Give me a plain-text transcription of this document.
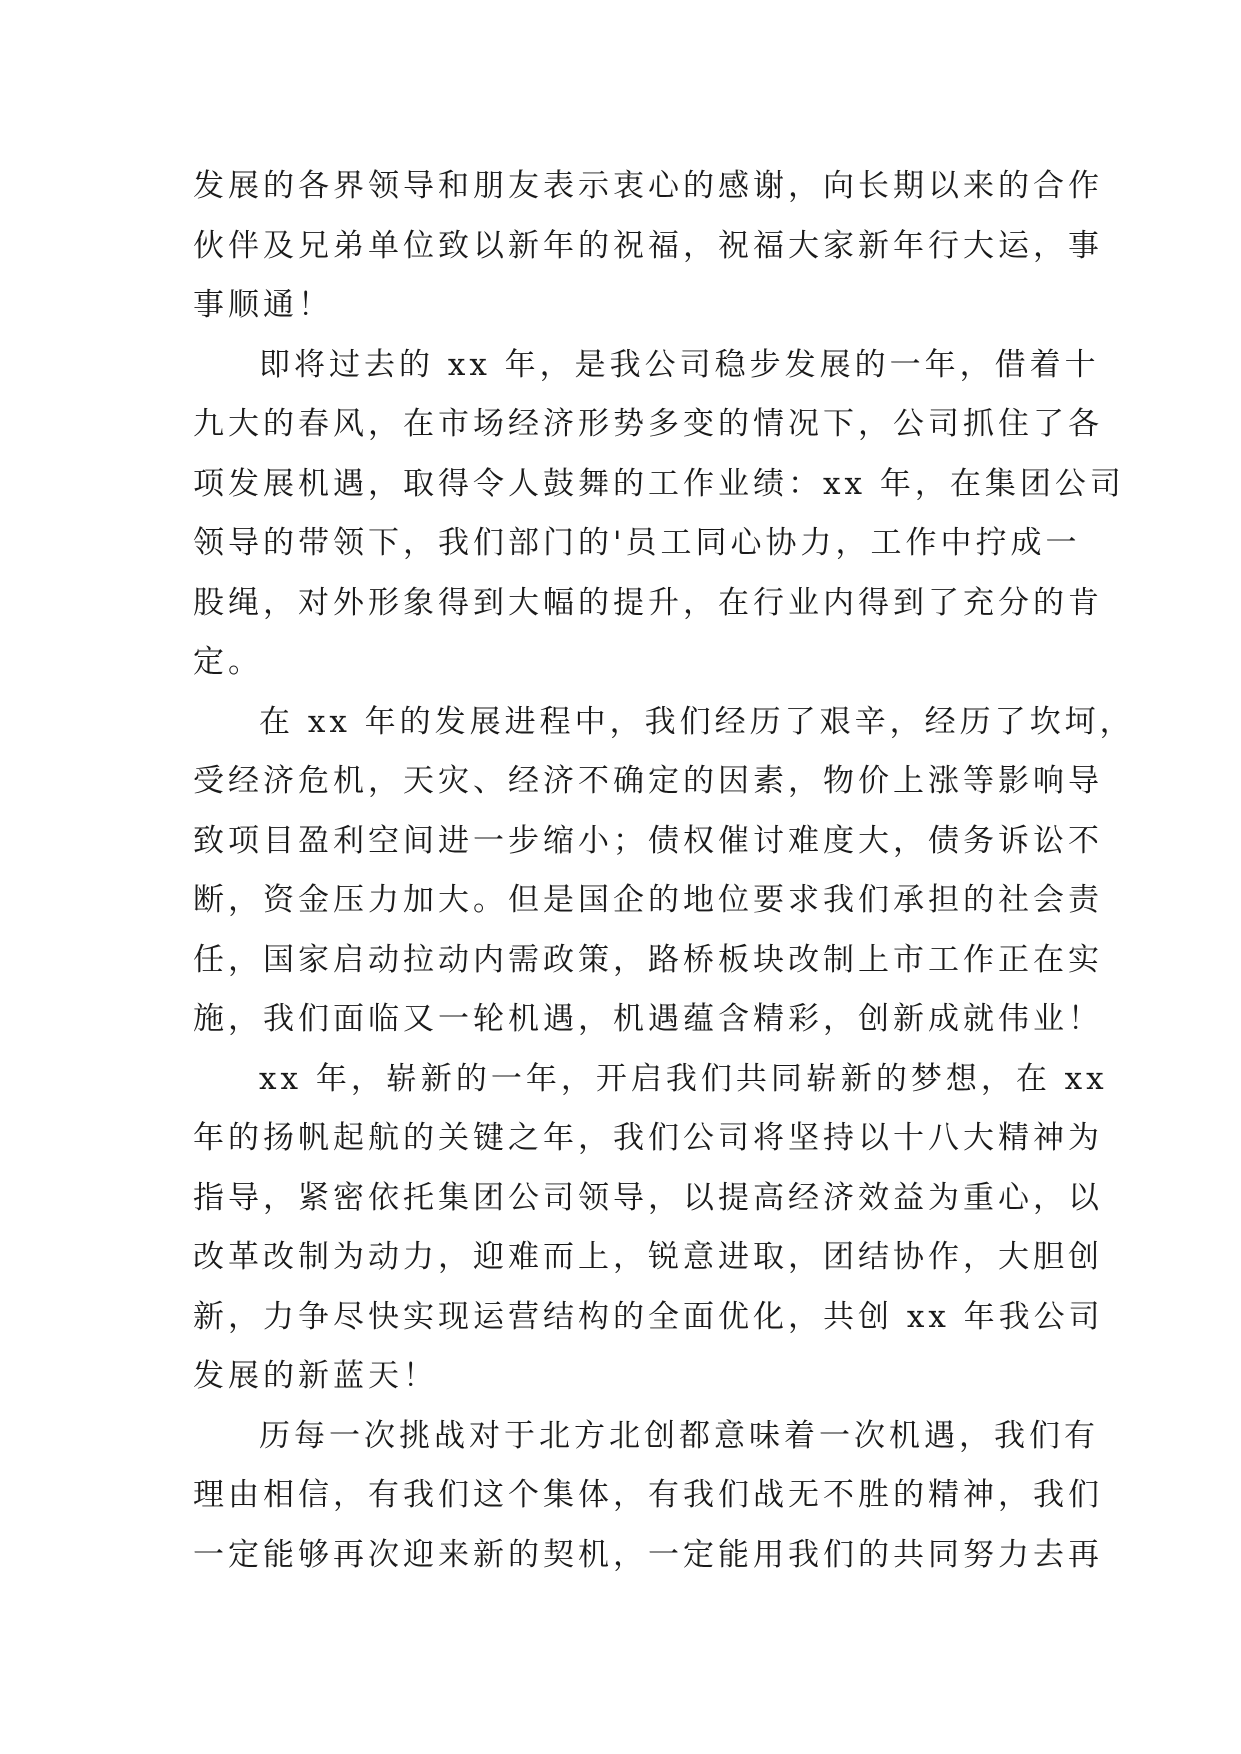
发展的各界领导和朋友表示衷心的感谢，向长期以来的合作
伙伴及兄弟单位致以新年的祝福，祝福大家新年行大运，事
事顺通！
即将过去的 xx 年，是我公司稳步发展的一年，借着十
九大的春风，在市场经济形势多变的情况下，公司抓住了各
项发展机遇，取得令人鼓舞的工作业绩：xx 年，在集团公司
领导的带领下，我们部门的'员工同心协力，工作中拧成一
股绳，对外形象得到大幅的提升，在行业内得到了充分的肯
定。
在 xx 年的发展进程中，我们经历了艰辛，经历了坎坷，
受经济危机，天灾、经济不确定的因素，物价上涨等影响导
致项目盈利空间进一步缩小；债权催讨难度大，债务诉讼不
断，资金压力加大。但是国企的地位要求我们承担的社会责
任，国家启动拉动内需政策，路桥板块改制上市工作正在实
施，我们面临又一轮机遇，机遇蕴含精彩，创新成就伟业！
xx 年，崭新的一年，开启我们共同崭新的梦想，在 xx
年的扬帆起航的关键之年，我们公司将坚持以十八大精神为
指导，紧密依托集团公司领导，以提高经济效益为重心，以
改革改制为动力，迎难而上，锐意进取，团结协作，大胆创
新，力争尽快实现运营结构的全面优化，共创 xx 年我公司
发展的新蓝天！
历每一次挑战对于北方北创都意味着一次机遇，我们有
理由相信，有我们这个集体，有我们战无不胜的精神，我们
一定能够再次迎来新的契机，一定能用我们的共同努力去再
